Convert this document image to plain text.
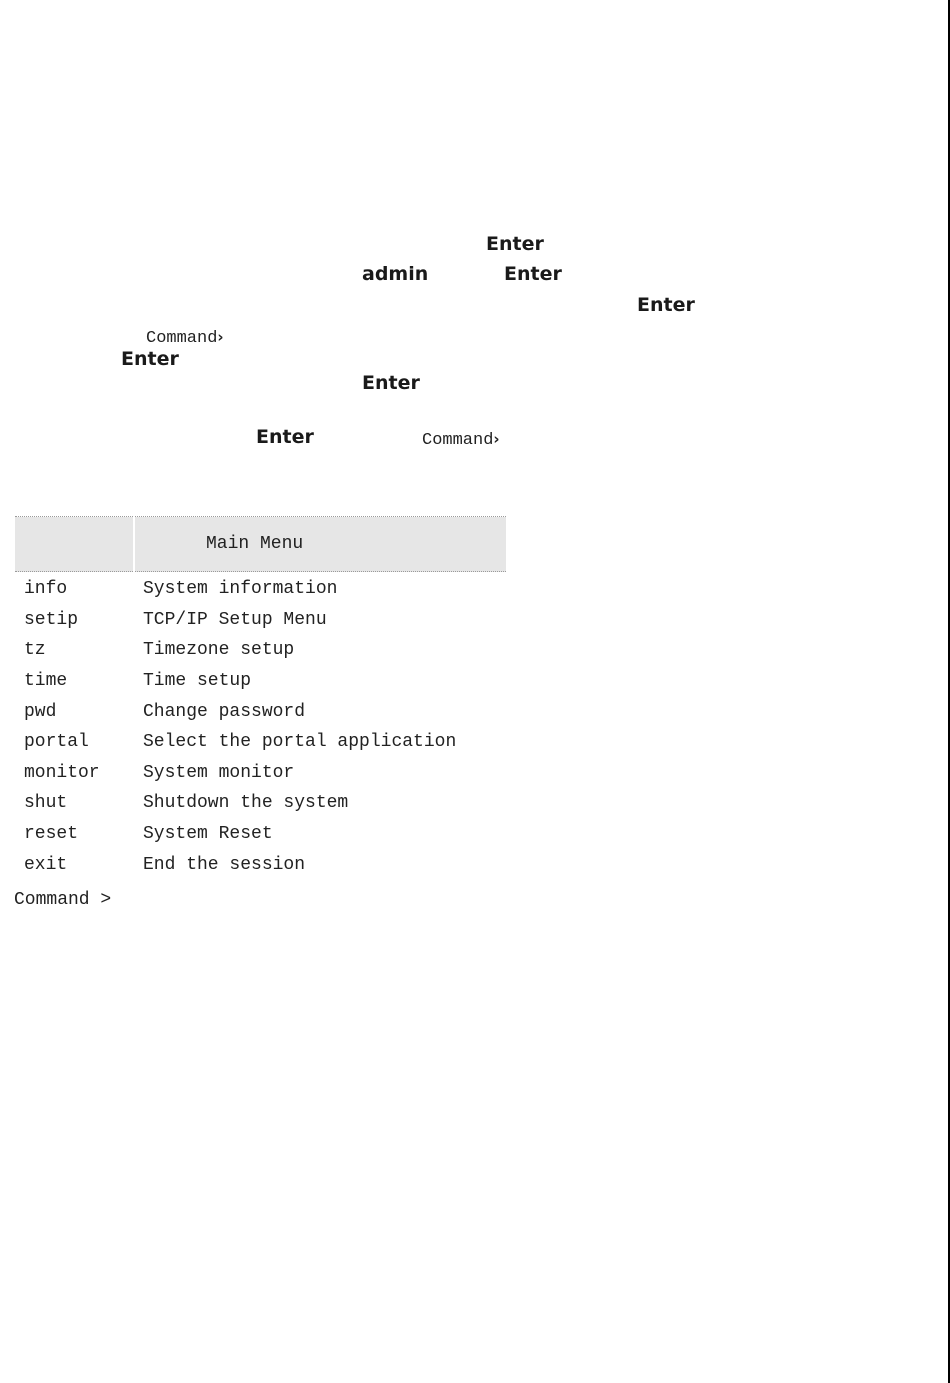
Enter
admin	Enter
Enter
Command›
Enter
Enter
Enter	Command›
	Main Menu
info	System information
setip	TCP/IP Setup Menu
tz	Timezone setup
time	Time setup
pwd	Change password
portal	Select the portal application
monitor	System monitor
shut	Shutdown the system
reset	System Reset
exit	End the session
Command >
